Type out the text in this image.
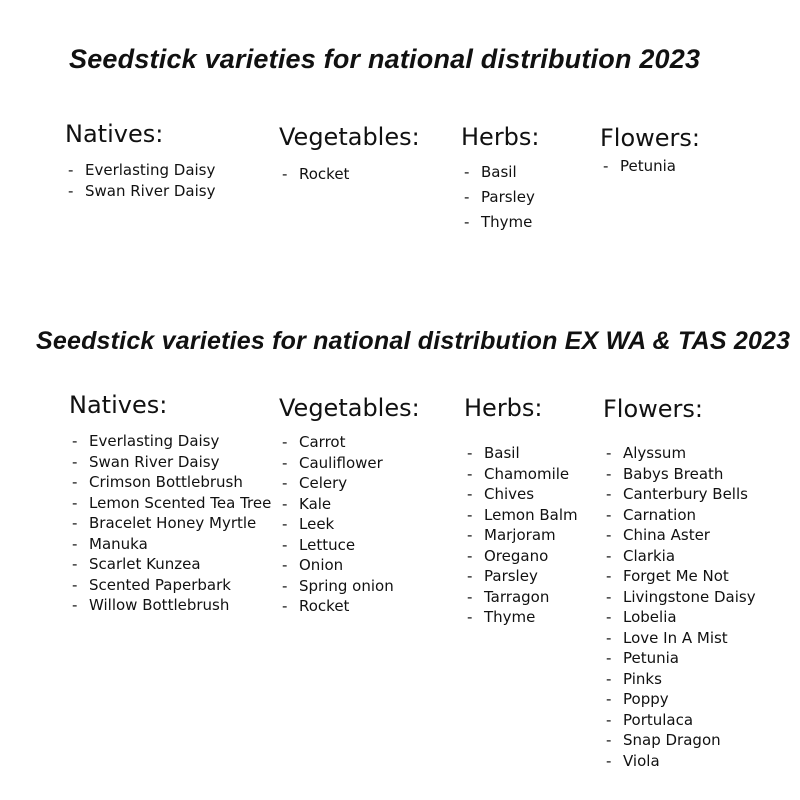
Seedstick varieties for national distribution 2023
Natives:
- Everlasting Daisy
- Swan River Daisy
Vegetables:
- Rocket
Herbs:
- Basil
- Parsley
- Thyme
Flowers:
- Petunia
Seedstick varieties for national distribution EX WA & TAS 2023
Natives:
- Everlasting Daisy
- Swan River Daisy
- Crimson Bottlebrush
- Lemon Scented Tea Tree
- Bracelet Honey Myrtle
- Manuka
- Scarlet Kunzea
- Scented Paperbark
- Willow Bottlebrush
Vegetables:
- Carrot
- Cauliflower
- Celery
- Kale
- Leek
- Lettuce
- Onion
- Spring onion
- Rocket
Herbs:
- Basil
- Chamomile
- Chives
- Lemon Balm
- Marjoram
- Oregano
- Parsley
- Tarragon
- Thyme
Flowers:
- Alyssum
- Babys Breath
- Canterbury Bells
- Carnation
- China Aster
- Clarkia
- Forget Me Not
- Livingstone Daisy
- Lobelia
- Love In A Mist
- Petunia
- Pinks
- Poppy
- Portulaca
- Snap Dragon
- Viola
